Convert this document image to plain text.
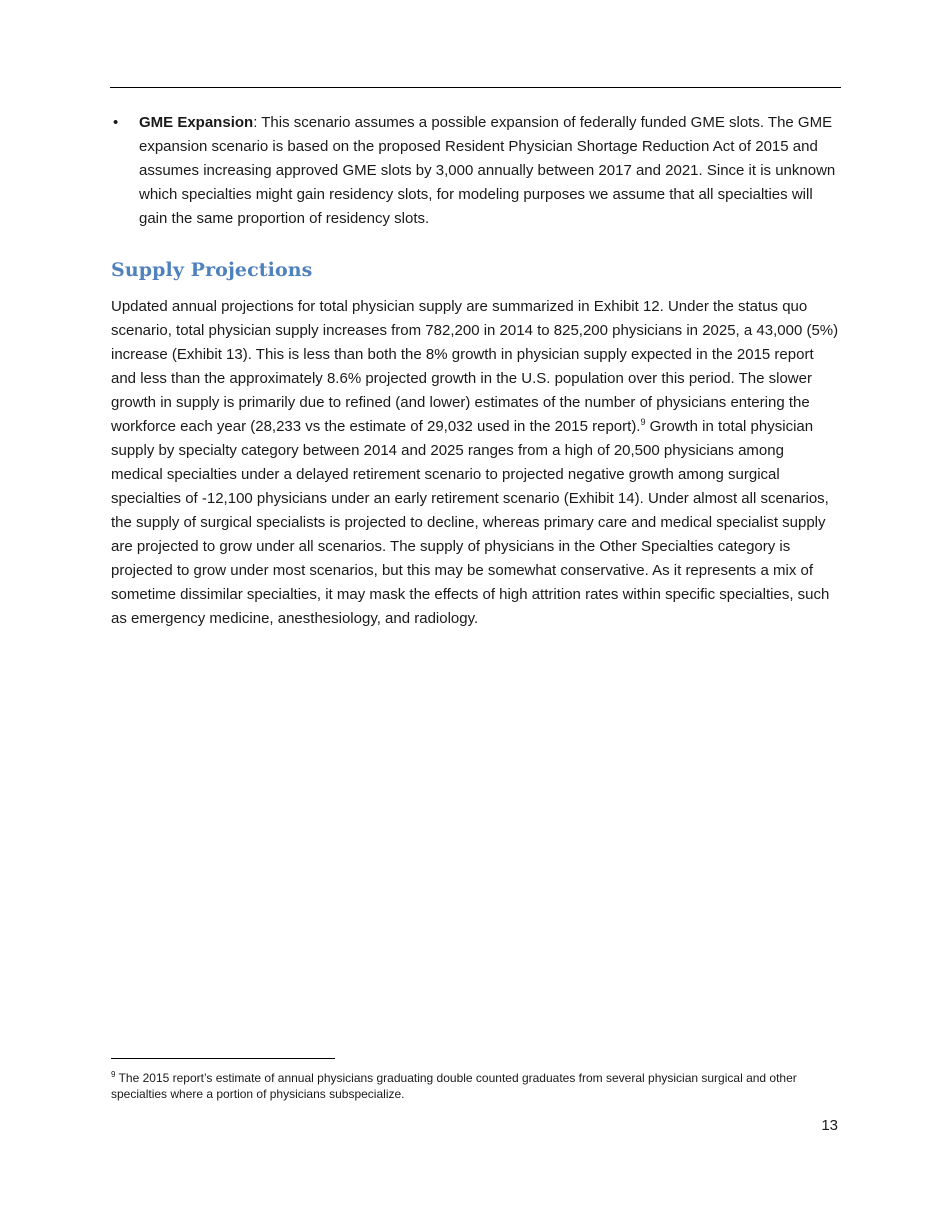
• GME Expansion: This scenario assumes a possible expansion of federally funded GME slots. The GME expansion scenario is based on the proposed Resident Physician Shortage Reduction Act of 2015 and assumes increasing approved GME slots by 3,000 annually between 2017 and 2021. Since it is unknown which specialties might gain residency slots, for modeling purposes we assume that all specialties will gain the same proportion of residency slots.
Supply Projections

Updated annual projections for total physician supply are summarized in Exhibit 12. Under the status quo scenario, total physician supply increases from 782,200 in 2014 to 825,200 physicians in 2025, a 43,000 (5%) increase (Exhibit 13). This is less than both the 8% growth in physician supply expected in the 2015 report and less than the approximately 8.6% projected growth in the U.S. population over this period. The slower growth in supply is primarily due to refined (and lower) estimates of the number of physicians entering the workforce each year (28,233 vs the estimate of 29,032 used in the 2015 report).$^9$ Growth in total physician supply by specialty category between 2014 and 2025 ranges from a high of 20,500 physicians among medical specialties under a delayed retirement scenario to projected negative growth among surgical specialties of -12,100 physicians under an early retirement scenario (Exhibit 14). Under almost all scenarios, the supply of surgical specialists is projected to decline, whereas primary care and medical specialist supply are projected to grow under all scenarios. The supply of physicians in the Other Specialties category is projected to grow under most scenarios, but this may be somewhat conservative. As it represents a mix of sometime dissimilar specialties, it may mask the effects of high attrition rates within specific specialties, such as emergency medicine, anesthesiology, and radiology.

$^9$ The 2015 report’s estimate of annual physicians graduating double counted graduates from several physician surgical and other specialties where a portion of physicians subspecialize.

13
